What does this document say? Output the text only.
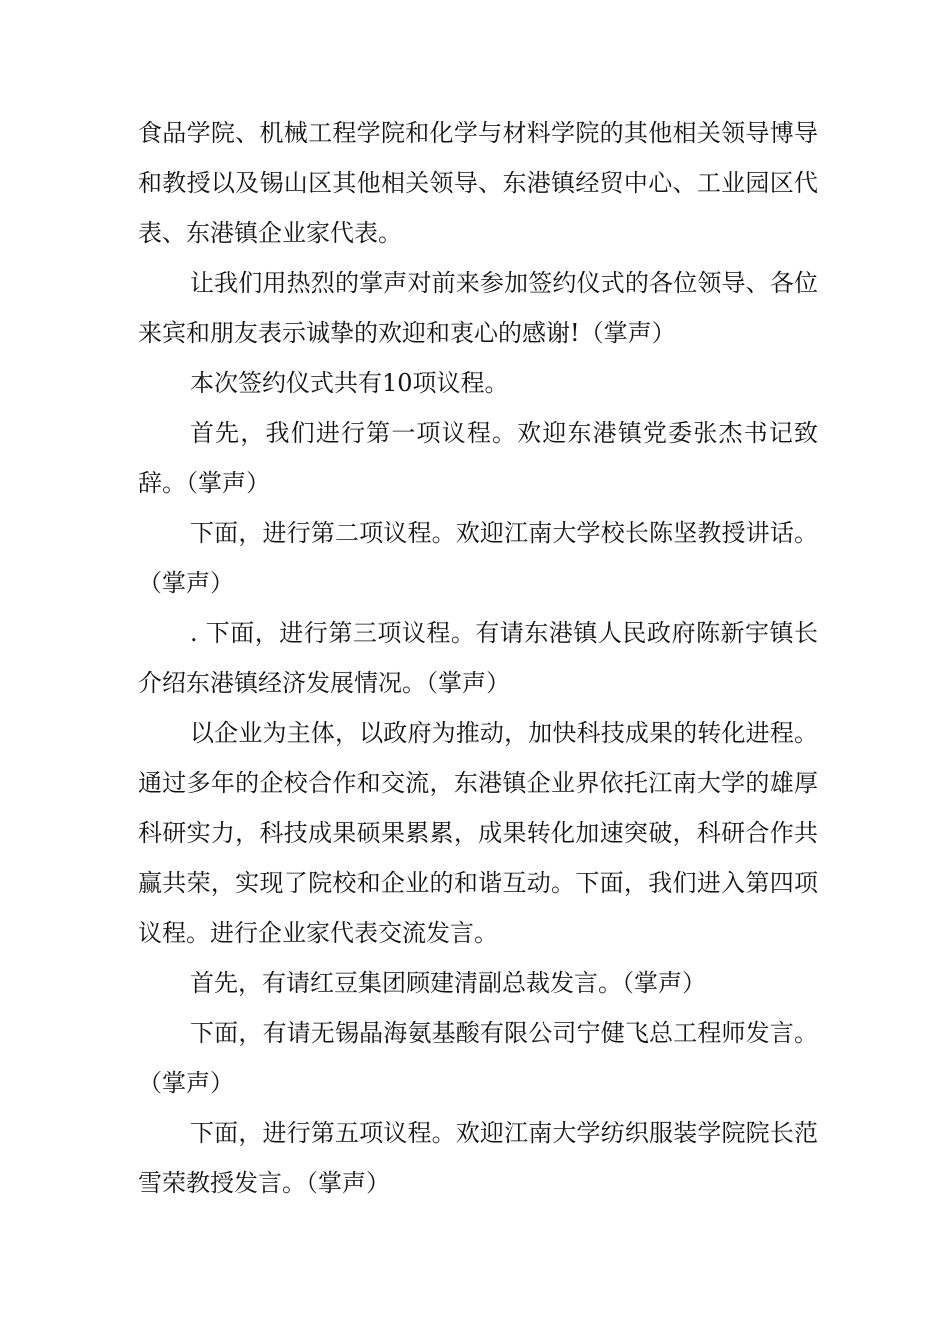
食品学院、机械工程学院和化学与材料学院的其他相关领导博导和教授以及锡山区其他相关领导、东港镇经贸中心、工业园区代表、东港镇企业家代表。

让我们用热烈的掌声对前来参加签约仪式的各位领导、各位来宾和朋友表示诚挚的欢迎和衷心的感谢!（掌声）

本次签约仪式共有10项议程。

首先，我们进行第一项议程。欢迎东港镇党委张杰书记致辞。（掌声）

下面，进行第二项议程。欢迎江南大学校长陈坚教授讲话。（掌声）

. 下面，进行第三项议程。有请东港镇人民政府陈新宇镇长介绍东港镇经济发展情况。（掌声）

以企业为主体，以政府为推动，加快科技成果的转化进程。通过多年的企校合作和交流，东港镇企业界依托江南大学的雄厚科研实力，科技成果硕果累累，成果转化加速突破，科研合作共赢共荣，实现了院校和企业的和谐互动。下面，我们进入第四项议程。进行企业家代表交流发言。

首先，有请红豆集团顾建清副总裁发言。（掌声）

下面，有请无锡晶海氨基酸有限公司宁健飞总工程师发言。（掌声）

下面，进行第五项议程。欢迎江南大学纺织服装学院院长范雪荣教授发言。（掌声）
